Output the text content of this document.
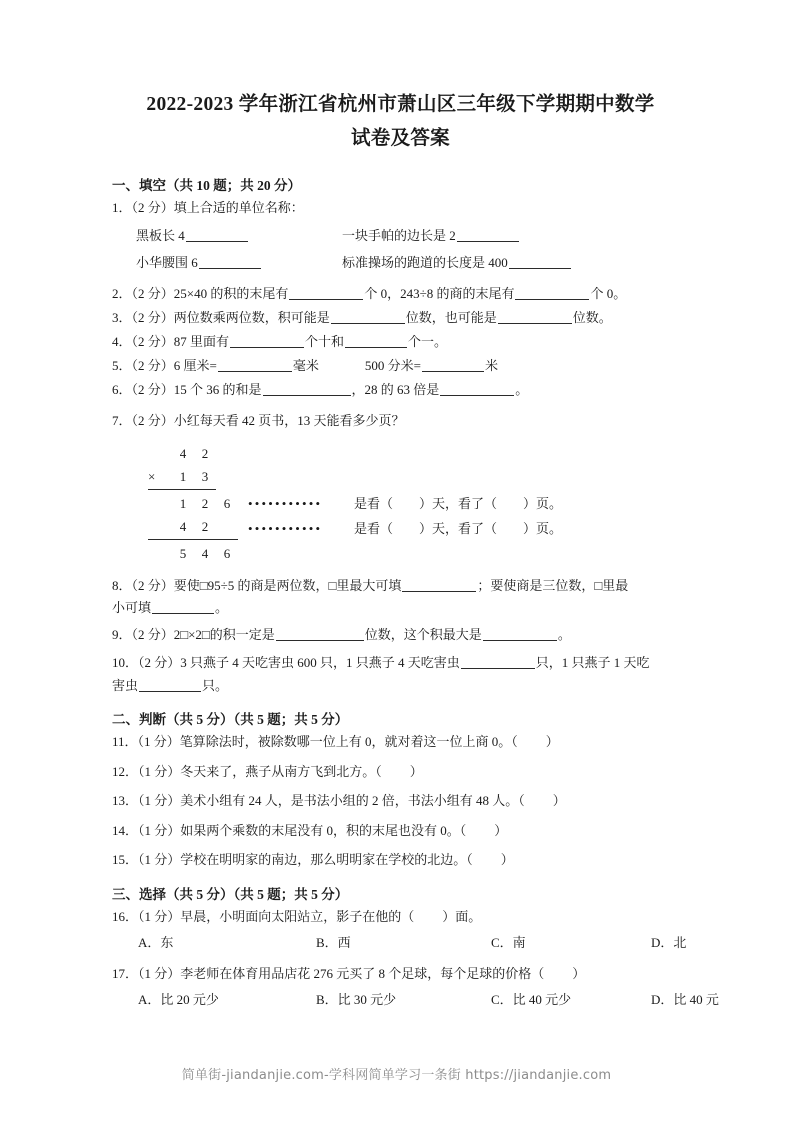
2022-2023 学年浙江省杭州市萧山区三年级下学期期中数学
试卷及答案
一、填空（共 10 题；共 20 分）
1．（2 分）填上合适的单位名称：
黑板长 4	一块手帕的边长是 2
小华腰围 6	标准操场的跑道的长度是 400
2．（2 分）25×40 的积的末尾有	个 0，243÷8 的商的末尾有	个 0。
3．（2 分）两位数乘两位数，积可能是	位数，也可能是	位数。
4．（2 分）87 里面有	个十和	个一。
5．（2 分）6 厘米=	毫米	500 分米=	米
6．（2 分）15 个 36 的和是	，28 的 63 倍是	。
7．（2 分）小红每天看 42 页书，13 天能看多少页？
4	2
×	1	3
1	2	6	•••••••••••	是看（ ）天，看了（ ）页。
4	2	•••••••••••	是看（ ）天，看了（ ）页。
5	4	6
8．（2 分）要使□95÷5 的商是两位数，□里最大可填	；要使商是三位数，□里最
小可填	。
9．（2 分）2□×2□的积一定是	位数，这个积最大是	。
10．（2 分）3 只燕子 4 天吃害虫 600 只，1 只燕子 4 天吃害虫	只，1 只燕子 1 天吃
害虫	只。
二、判断（共 5 分）（共 5 题；共 5 分）
11．（1 分）笔算除法时，被除数哪一位上有 0，就对着这一位上商 0。（ ）
12．（1 分）冬天来了，燕子从南方飞到北方。（ ）
13．（1 分）美术小组有 24 人，是书法小组的 2 倍，书法小组有 48 人。（ ）
14．（1 分）如果两个乘数的末尾没有 0，积的末尾也没有 0。（ ）
15．（1 分）学校在明明家的南边，那么明明家在学校的北边。（ ）
三、选择（共 5 分）（共 5 题；共 5 分）
16．（1 分）早晨，小明面向太阳站立，影子在他的（ ）面。
A．东	B．西	C．南	D．北
17．（1 分）李老师在体育用品店花 276 元买了 8 个足球，每个足球的价格（ ）
A．比 20 元少	B．比 30 元少	C．比 40 元少	D．比 40 元
简单街-jiandanjie.com-学科网简单学习一条街 https://jiandanjie.com
